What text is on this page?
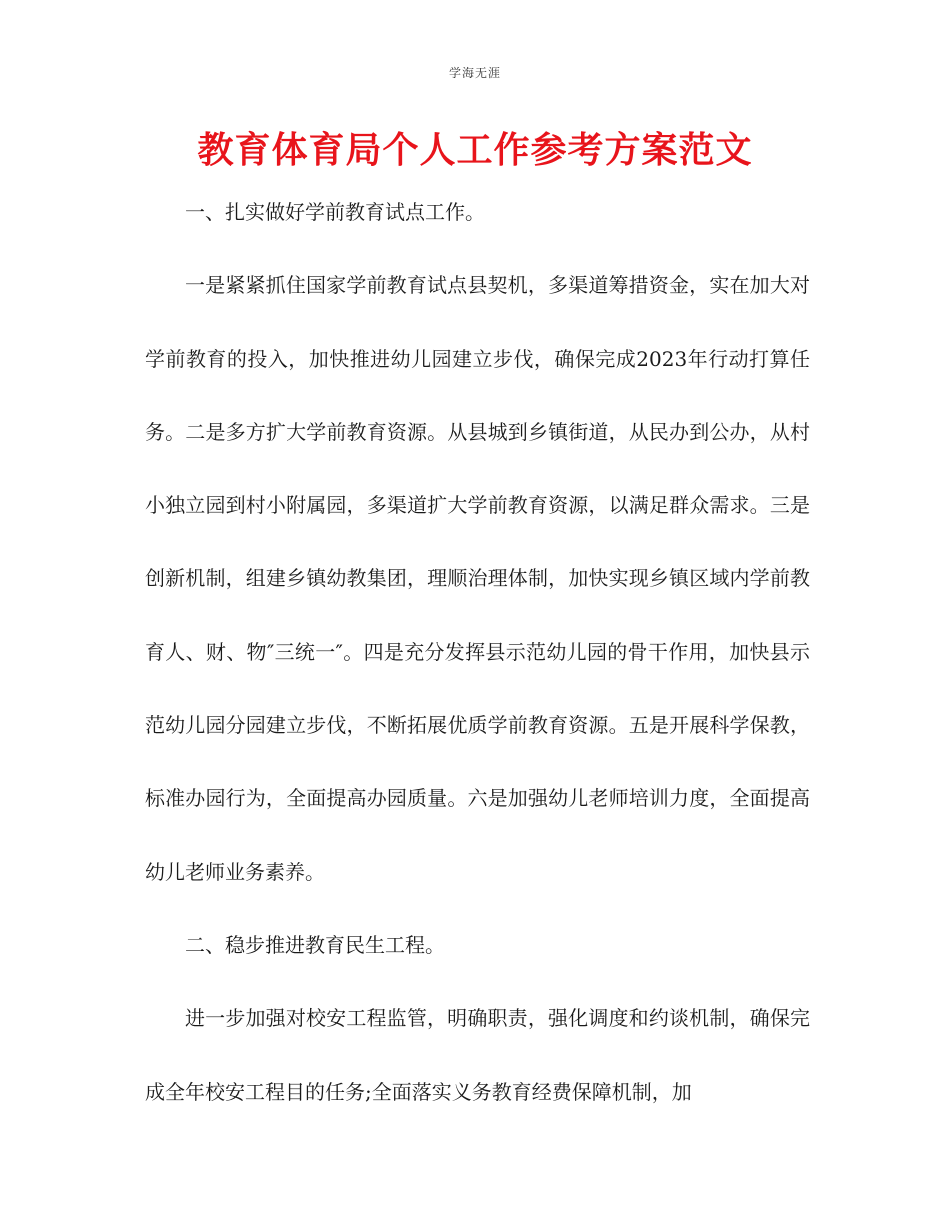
学海无涯
教育体育局个人工作参考方案范文

一、扎实做好学前教育试点工作。

一是紧紧抓住国家学前教育试点县契机，多渠道筹措资金，实在加大对学前教育的投入，加快推进幼儿园建立步伐，确保完成2023年行动打算任务。二是多方扩大学前教育资源。从县城到乡镇街道，从民办到公办，从村小独立园到村小附属园，多渠道扩大学前教育资源，以满足群众需求。三是创新机制，组建乡镇幼教集团，理顺治理体制，加快实现乡镇区域内学前教育人、财、物″三统一″。四是充分发挥县示范幼儿园的骨干作用，加快县示范幼儿园分园建立步伐，不断拓展优质学前教育资源。五是开展科学保教，标准办园行为，全面提高办园质量。六是加强幼儿老师培训力度，全面提高幼儿老师业务素养。

二、稳步推进教育民生工程。

进一步加强对校安工程监管，明确职责，强化调度和约谈机制，确保完成全年校安工程目的任务;全面落实义务教育经费保障机制，加
